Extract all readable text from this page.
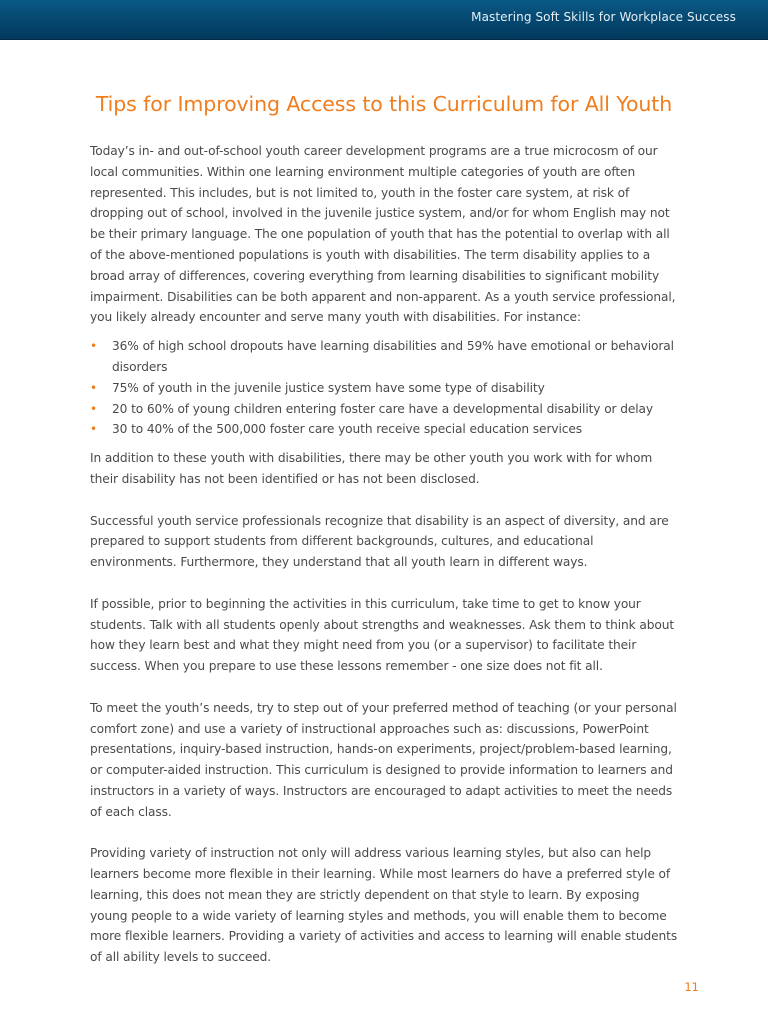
Mastering Soft Skills for Workplace Success
Tips for Improving Access to this Curriculum for All Youth

Today’s in- and out-of-school youth career development programs are a true microcosm of our local communities. Within one learning environment multiple categories of youth are often represented. This includes, but is not limited to, youth in the foster care system, at risk of dropping out of school, involved in the juvenile justice system, and/or for whom English may not be their primary language. The one population of youth that has the potential to overlap with all of the above-mentioned populations is youth with disabilities. The term disability applies to a broad array of differences, covering everything from learning disabilities to significant mobility impairment. Disabilities can be both apparent and non-apparent. As a youth service professional, you likely already encounter and serve many youth with disabilities. For instance:

• 36% of high school dropouts have learning disabilities and 59% have emotional or behavioral disorders
• 75% of youth in the juvenile justice system have some type of disability
• 20 to 60% of young children entering foster care have a developmental disability or delay
• 30 to 40% of the 500,000 foster care youth receive special education services

In addition to these youth with disabilities, there may be other youth you work with for whom their disability has not been identified or has not been disclosed.

Successful youth service professionals recognize that disability is an aspect of diversity, and are prepared to support students from different backgrounds, cultures, and educational environments. Furthermore, they understand that all youth learn in different ways.

If possible, prior to beginning the activities in this curriculum, take time to get to know your students. Talk with all students openly about strengths and weaknesses. Ask them to think about how they learn best and what they might need from you (or a supervisor) to facilitate their success. When you prepare to use these lessons remember - one size does not fit all.

To meet the youth’s needs, try to step out of your preferred method of teaching (or your personal comfort zone) and use a variety of instructional approaches such as: discussions, PowerPoint presentations, inquiry-based instruction, hands-on experiments, project/problem-based learning, or computer-aided instruction. This curriculum is designed to provide information to learners and instructors in a variety of ways. Instructors are encouraged to adapt activities to meet the needs of each class.

Providing variety of instruction not only will address various learning styles, but also can help learners become more flexible in their learning. While most learners do have a preferred style of learning, this does not mean they are strictly dependent on that style to learn. By exposing young people to a wide variety of learning styles and methods, you will enable them to become more flexible learners. Providing a variety of activities and access to learning will enable students of all ability levels to succeed.

11
